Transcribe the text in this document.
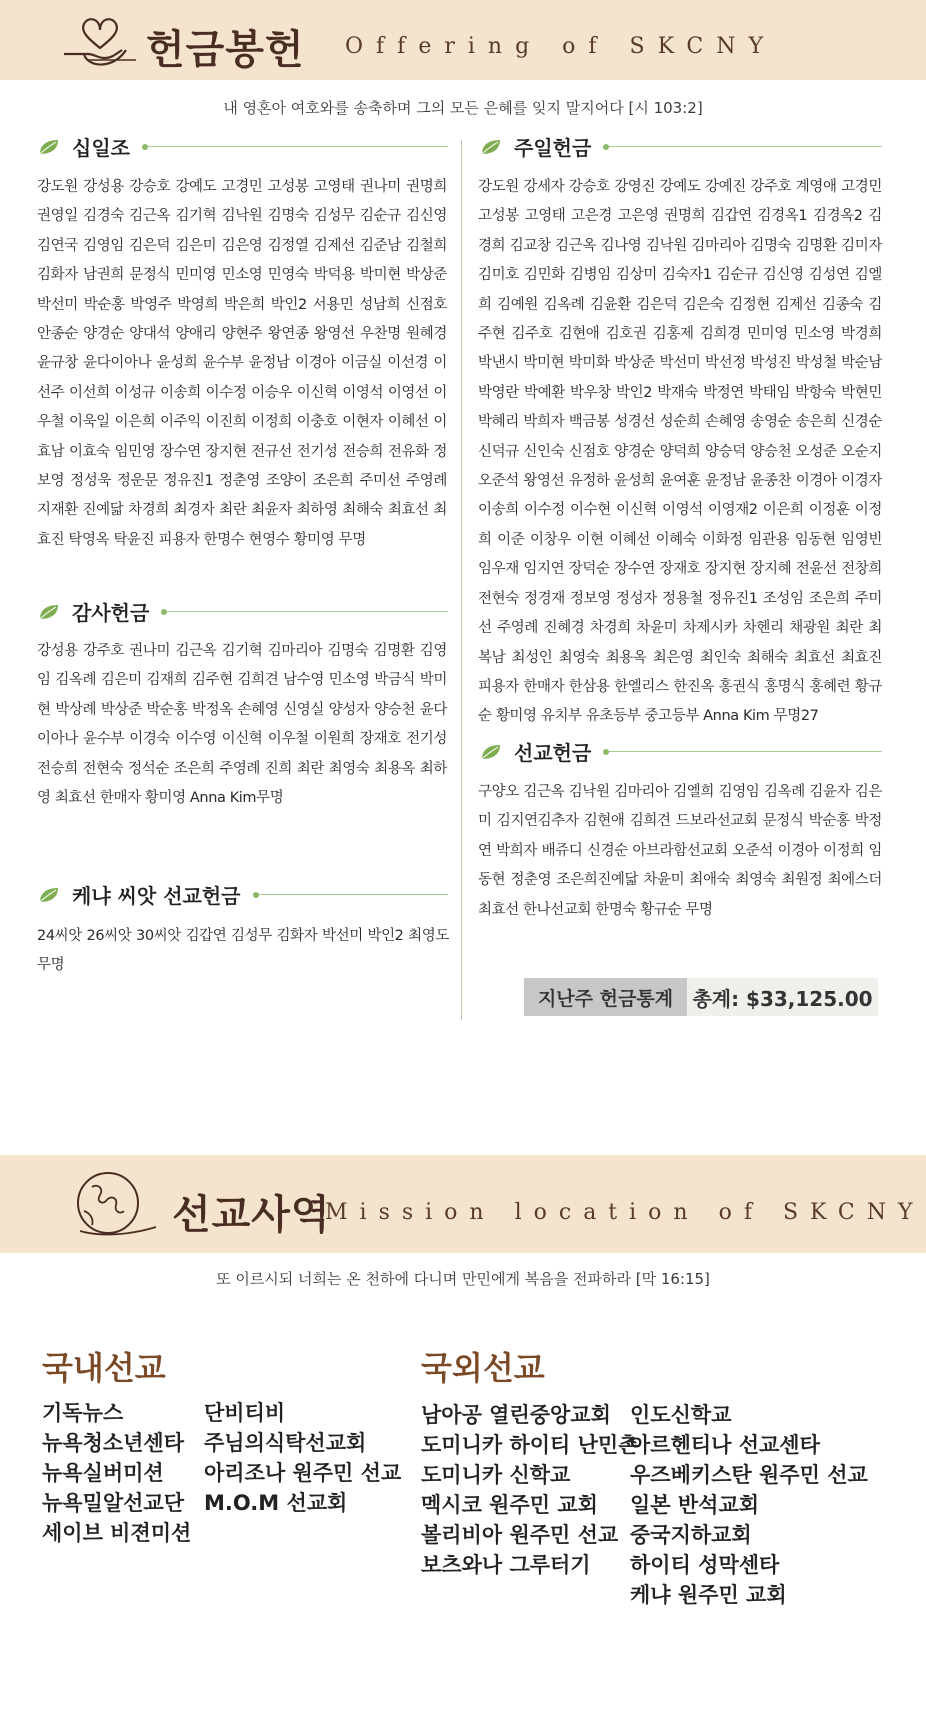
헌금봉헌 Offering of SKCNY
내 영혼아 여호와를 송축하며 그의 모든 은혜를 잊지 말지어다 [시 103:2]
십일조
강도원 강성용 강승호 강예도 고경민 고성봉 고영태 권나미 권명희 권영일 김경숙 김근옥 김기혁 김낙원 김명숙 김성무 김순규 김신영 김연국 김영임 김은덕 김은미 김은영 김정열 김제선 김준남 김철희 김화자 남권희 문정식 민미영 민소영 민영숙 박덕용 박미현 박상준 박선미 박순홍 박영주 박영희 박은희 박인2 서용민 성남희 신점호 안종순 양경순 양대석 양애리 양현주 왕연종 왕영선 우찬명 원혜경 윤규창 윤다이아나 윤성희 윤수부 윤정남 이경아 이금실 이선경 이선주 이선희 이성규 이송희 이수정 이승우 이신혁 이영석 이영선 이우철 이욱일 이은희 이주익 이진희 이정희 이충호 이현자 이혜선 이효남 이효숙 임민영 장수연 장지현 전규선 전기성 전승희 전유화 정보영 정성욱 정운문 정유진1 정춘영 조양이 조은희 주미선 주영례 지재환 진예닯 차경희 최경자 최란 최윤자 최하영 최해숙 최효선 최효진 탁영옥 탁윤진 피용자 한명수 현영수 황미영 무명
감사헌금
강성용 강주호 권나미 김근옥 김기혁 김마리아 김명숙 김명환 김영임 김옥례 김은미 김재희 김주현 김희견 남수영 민소영 박금식 박미현 박상례 박상준 박순홍 박정옥 손혜영 신영실 양성자 양승천 윤다이아나 윤수부 이경숙 이수영 이신혁 이우철 이원희 장재호 전기성 전승희 전현숙 정석순 조은희 주영례 진희 최란 최영숙 최용옥 최하영 최효선 한매자 황미영 Anna Kim무명
케냐 씨앗 선교헌금
24씨앗 26씨앗 30씨앗 김갑연 김성무 김화자 박선미 박인2 최영도 무명
주일헌금
강도원 강세자 강승호 강영진 강예도 강예진 강주호 계영애 고경민 고성봉 고영태 고은경 고은영 권명희 김갑연 김경옥1 김경옥2 김경희 김교창 김근옥 김나영 김낙원 김마리아 김명숙 김명환 김미자 김미호 김민화 김병임 김상미 김숙자1 김순규 김신영 김성연 김엘희 김예원 김옥례 김윤환 김은덕 김은숙 김정현 김제선 김종숙 김주현 김주호 김현애 김호권 김홍제 김희경 민미영 민소영 박경희 박낸시 박미현 박미화 박상준 박선미 박선정 박성진 박성철 박순남 박영란 박예환 박우창 박인2 박재숙 박정연 박태임 박항숙 박현민 박혜리 박희자 백금봉 성경선 성순희 손혜영 송영순 송은희 신경순 신덕규 신인숙 신점호 양경순 양덕희 양승덕 양승천 오성준 오순지 오준석 왕영선 유정하 윤성희 윤여훈 윤정남 윤종찬 이경아 이경자 이송희 이수정 이수현 이신혁 이영석 이영재2 이은희 이정훈 이정희 이준 이창우 이현 이혜선 이혜숙 이화정 임관용 임동현 임영빈 임우재 임지연 장덕순 장수연 장재호 장지현 장지혜 전윤선 전창희 전현숙 정경재 정보영 정성자 정용철 정유진1 조성임 조은희 주미선 주영례 진혜경 차경희 차윤미 차제시카 차헨리 채광원 최란 최복남 최성인 최영숙 최용옥 최은영 최인숙 최해숙 최효선 최효진 피용자 한매자 한삼용 한엘리스 한진옥 홍권식 홍명식 홍혜련 황규순 황미영 유치부 유초등부 중고등부 Anna Kim 무명27
선교헌금
구양오 김근옥 김낙원 김마리아 김엘희 김영임 김옥례 김윤자 김은미 김지연김추자 김현애 김희견 드보라선교회 문정식 박순홍 박정연 박희자 배쥬디 신경순 아브라함선교회 오준석 이경아 이정희 임동현 정춘영 조은희진예닯 차윤미 최애숙 최영숙 최원정 최에스더 최효선 한나선교회 한명숙 황규순 무명
지난주 헌금통계 총계: $33,125.00
선교사역
Mission location of SKCNY
또 이르시되 너희는 온 천하에 다니며 만민에게 복음을 전파하라 [막 16:15]
국내선교
기독뉴스
뉴욕청소년센타
뉴욕실버미션
뉴욕밀알선교단
세이브 비젼미션
단비티비
주님의식탁선교회
아리조나 원주민 선교
M.O.M 선교회
국외선교
남아공 열린중앙교회
도미니카 하이티 난민촌
도미니카 신학교
멕시코 원주민 교회
볼리비아 원주민 선교
보츠와나 그루터기
인도신학교
아르헨티나 선교센타
우즈베키스탄 원주민 선교
일본 반석교회
중국지하교회
하이티 성막센타
케냐 원주민 교회
